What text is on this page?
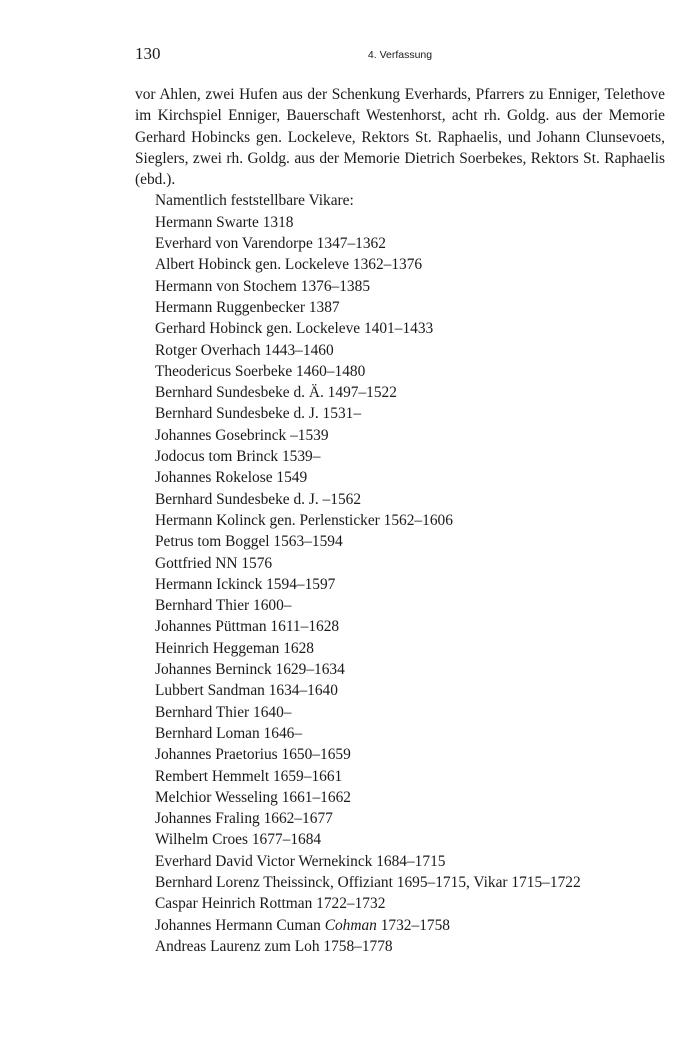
130	4. Verfassung

vor Ahlen, zwei Hufen aus der Schenkung Everhards, Pfarrers zu Enniger, Telethove im Kirchspiel Enniger, Bauerschaft Westenhorst, acht rh. Goldg. aus der Memorie Gerhard Hobincks gen. Lockeleve, Rektors St. Raphaelis, und Johann Clunsevoets, Sieglers, zwei rh. Goldg. aus der Memorie Dietrich Soerbekes, Rektors St. Raphaelis (ebd.).

Namentlich feststellbare Vikare:

Hermann Swarte 1318
Everhard von Varendorpe 1347–1362
Albert Hobinck gen. Lockeleve 1362–1376
Hermann von Stochem 1376–1385
Hermann Ruggenbecker 1387
Gerhard Hobinck gen. Lockeleve 1401–1433
Rotger Overhach 1443–1460
Theodericus Soerbeke 1460–1480
Bernhard Sundesbeke d. Ä. 1497–1522
Bernhard Sundesbeke d. J. 1531–
Johannes Gosebrinck –1539
Jodocus tom Brinck 1539–
Johannes Rokelose 1549
Bernhard Sundesbeke d. J. –1562
Hermann Kolinck gen. Perlensticker 1562–1606
Petrus tom Boggel 1563–1594
Gottfried NN 1576
Hermann Ickinck 1594–1597
Bernhard Thier 1600–
Johannes Püttman 1611–1628
Heinrich Heggeman 1628
Johannes Berninck 1629–1634
Lubbert Sandman 1634–1640
Bernhard Thier 1640–
Bernhard Loman 1646–
Johannes Praetorius 1650–1659
Rembert Hemmelt 1659–1661
Melchior Wesseling 1661–1662
Johannes Fraling 1662–1677
Wilhelm Croes 1677–1684
Everhard David Victor Wernekinck 1684–1715
Bernhard Lorenz Theissinck, Offiziant 1695–1715, Vikar 1715–1722
Caspar Heinrich Rottman 1722–1732
Johannes Hermann Cuman Cohman 1732–1758
Andreas Laurenz zum Loh 1758–1778
